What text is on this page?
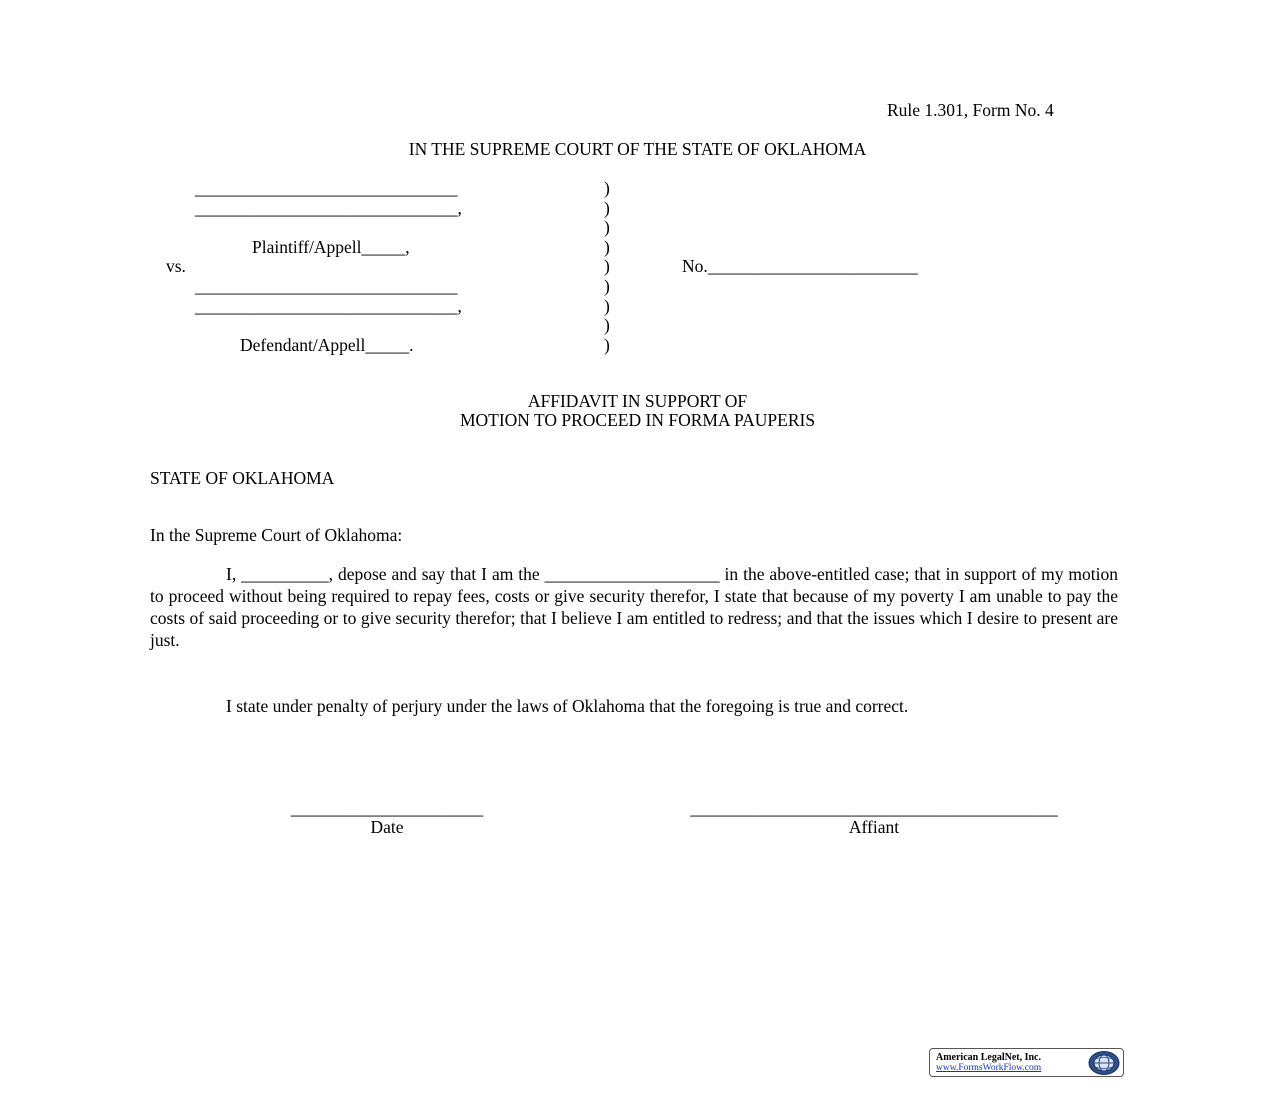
Rule 1.301, Form No. 4
IN THE SUPREME COURT OF THE STATE OF OKLAHOMA
______________________________
______________________________,
Plaintiff/Appell_____,
vs.
______________________________
______________________________,
Defendant/Appell_____.
)
)
)
)
)
)
)
)
)
No.________________________
AFFIDAVIT IN SUPPORT OF
MOTION TO PROCEED IN FORMA PAUPERIS
STATE OF OKLAHOMA
In the Supreme Court of Oklahoma:
I, __________, depose and say that I am the ____________________ in the above-entitled case; that in support of my motion to proceed without being required to repay fees, costs or give security therefor, I state that because of my poverty I am unable to pay the costs of said proceeding or to give security therefor; that I believe I am entitled to redress; and that the issues which I desire to present are just.
I state under penalty of perjury under the laws of Oklahoma that the foregoing is true and correct.
______________________
Date
__________________________________________
Affiant
American LegalNet, Inc.
www.FormsWorkFlow.com
